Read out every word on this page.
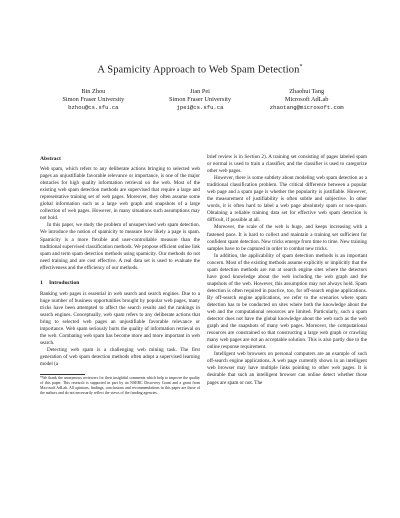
A Spamicity Approach to Web Spam Detection*
Bin Zhou
Simon Fraser University
bzhou@cs.sfu.ca
Jian Pei
Simon Fraser University
jpei@cs.sfu.ca
Zhaohui Tang
Microsoft AdLab
zhaotang@microsoft.com
Abstract

Web spam, which refers to any deliberate actions bringing to selected web pages an unjustifiable favorable relevance or importance, is one of the major obstacles for high quality information retrieval on the web. Most of the existing web spam detection methods are supervised that require a large and representative training set of web pages. Moreover, they often assume some global information such as a large web graph and snapshots of a large collection of web pages. However, in many situations such assumptions may not hold.

In this paper, we study the problem of unsupervised web spam detection. We introduce the notion of spamicity to measure how likely a page is spam. Spamicity is a more flexible and user-controllable measure than the traditional supervised classification methods. We propose efficient online link spam and term spam detection methods using spamicity. Our methods do not need training and are cost effective. A real data set is used to evaluate the effectiveness and the efficiency of our methods.

1 Introduction

Ranking web pages is essential in web search and search engines. Due to a huge number of business opportunities brought by popular web pages, many tricks have been attempted to affect the search results and the rankings in search engines. Conceptually, web spam refers to any deliberate actions that bring to selected web pages an unjustifiable favorable relevance or importance. Web spam seriously hurts the quality of information retrieval on the web. Combating web spam has become more and more important in web search.

Detecting web spam is a challenging web mining task. The first generation of web spam detection methods often adopt a supervised learning model (a

*We thank the anonymous reviewers for their insightful comments which help to improve the quality of this paper. This research is supported in part by an NSERC Discovery Grant and a grant from Microsoft AdLab. All opinions, findings, conclusions and recommendations in this paper are those of the authors and do not necessarily reflect the views of the funding agencies.

brief review is in Section 2). A training set consisting of pages labeled spam or normal is used to train a classifier, and the classifier is used to categorize other web pages.

However, there is some subtlety about modeling web spam detection as a traditional classification problem. The critical difference between a popular web page and a spam page is whether the popularity is justifiable. However, the measurement of justifiability is often subtle and subjective. In other words, it is often hard to label a web page absolutely spam or non-spam. Obtaining a reliable training data set for effective web spam detection is difficult, if possible at all.

Moreover, the scale of the web is huge, and keeps increasing with a fastened pace. It is hard to collect and maintain a training set sufficient for confident spam detection. New tricks emerge from time to time. New training samples have to be captured in order to combat new tricks.

In addition, the applicability of spam detection methods is an important concern. Most of the existing methods assume explicitly or implicitly that the spam detection methods are run at search engine sites where the detectors have good knowledge about the web including the web graph and the snapshots of the web. However, this assumption may not always hold. Spam detection is often required in practice, too, for off-search engine applications. By off-search engine applications, we refer to the scenarios where spam detection has to be conducted on sites where both the knowledge about the web and the computational resources are limited. Particularly, such a spam detector does not have the global knowledge about the web such as the web graph and the snapshots of many web pages. Moreover, the computational resources are constrained so that constructing a large web graph or crawling many web pages are not an acceptable solution. This is also partly due to the online response requirement.

Intelligent web browsers on personal computers are an example of such off-search engine applications. A web page currently shown in an intelligent web browser may have multiple links pointing to other web pages. It is desirable that such an intelligent browser can online detect whether those pages are spam or not. The
